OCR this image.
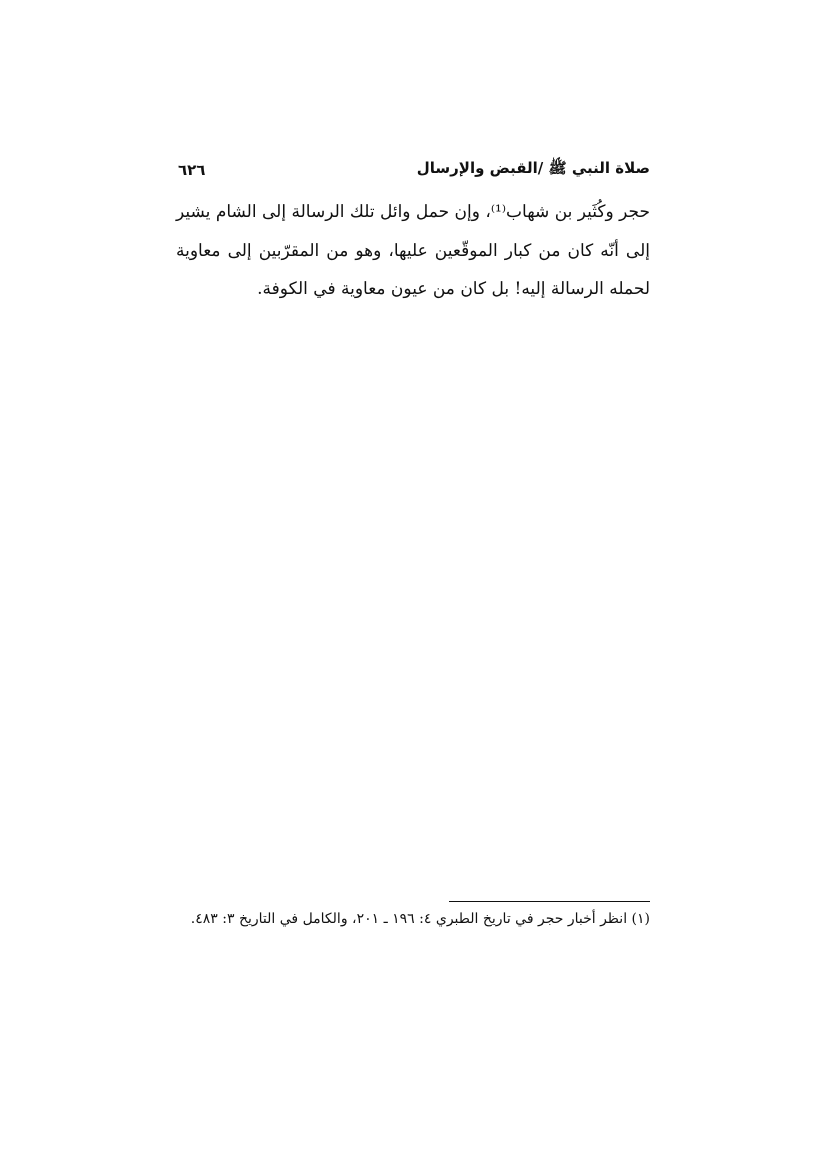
صلاة النبي ﷺ /القبض والإرسال
٦٢٦

حجر وكُثَير بن شهاب⁽¹⁾، وإن حمل وائل تلك الرسالة إلى الشام يشير إلى أنّه كان من كبار الموقّعين عليها، وهو من المقرّبين إلى معاوية لحمله الرسالة إليه! بل كان من عيون معاوية في الكوفة.

(١) انظر أخبار حجر في تاريخ الطبري ٤: ١٩٦ ـ ٢٠١، والكامل في التاريخ ٣: ٤٨٣.
